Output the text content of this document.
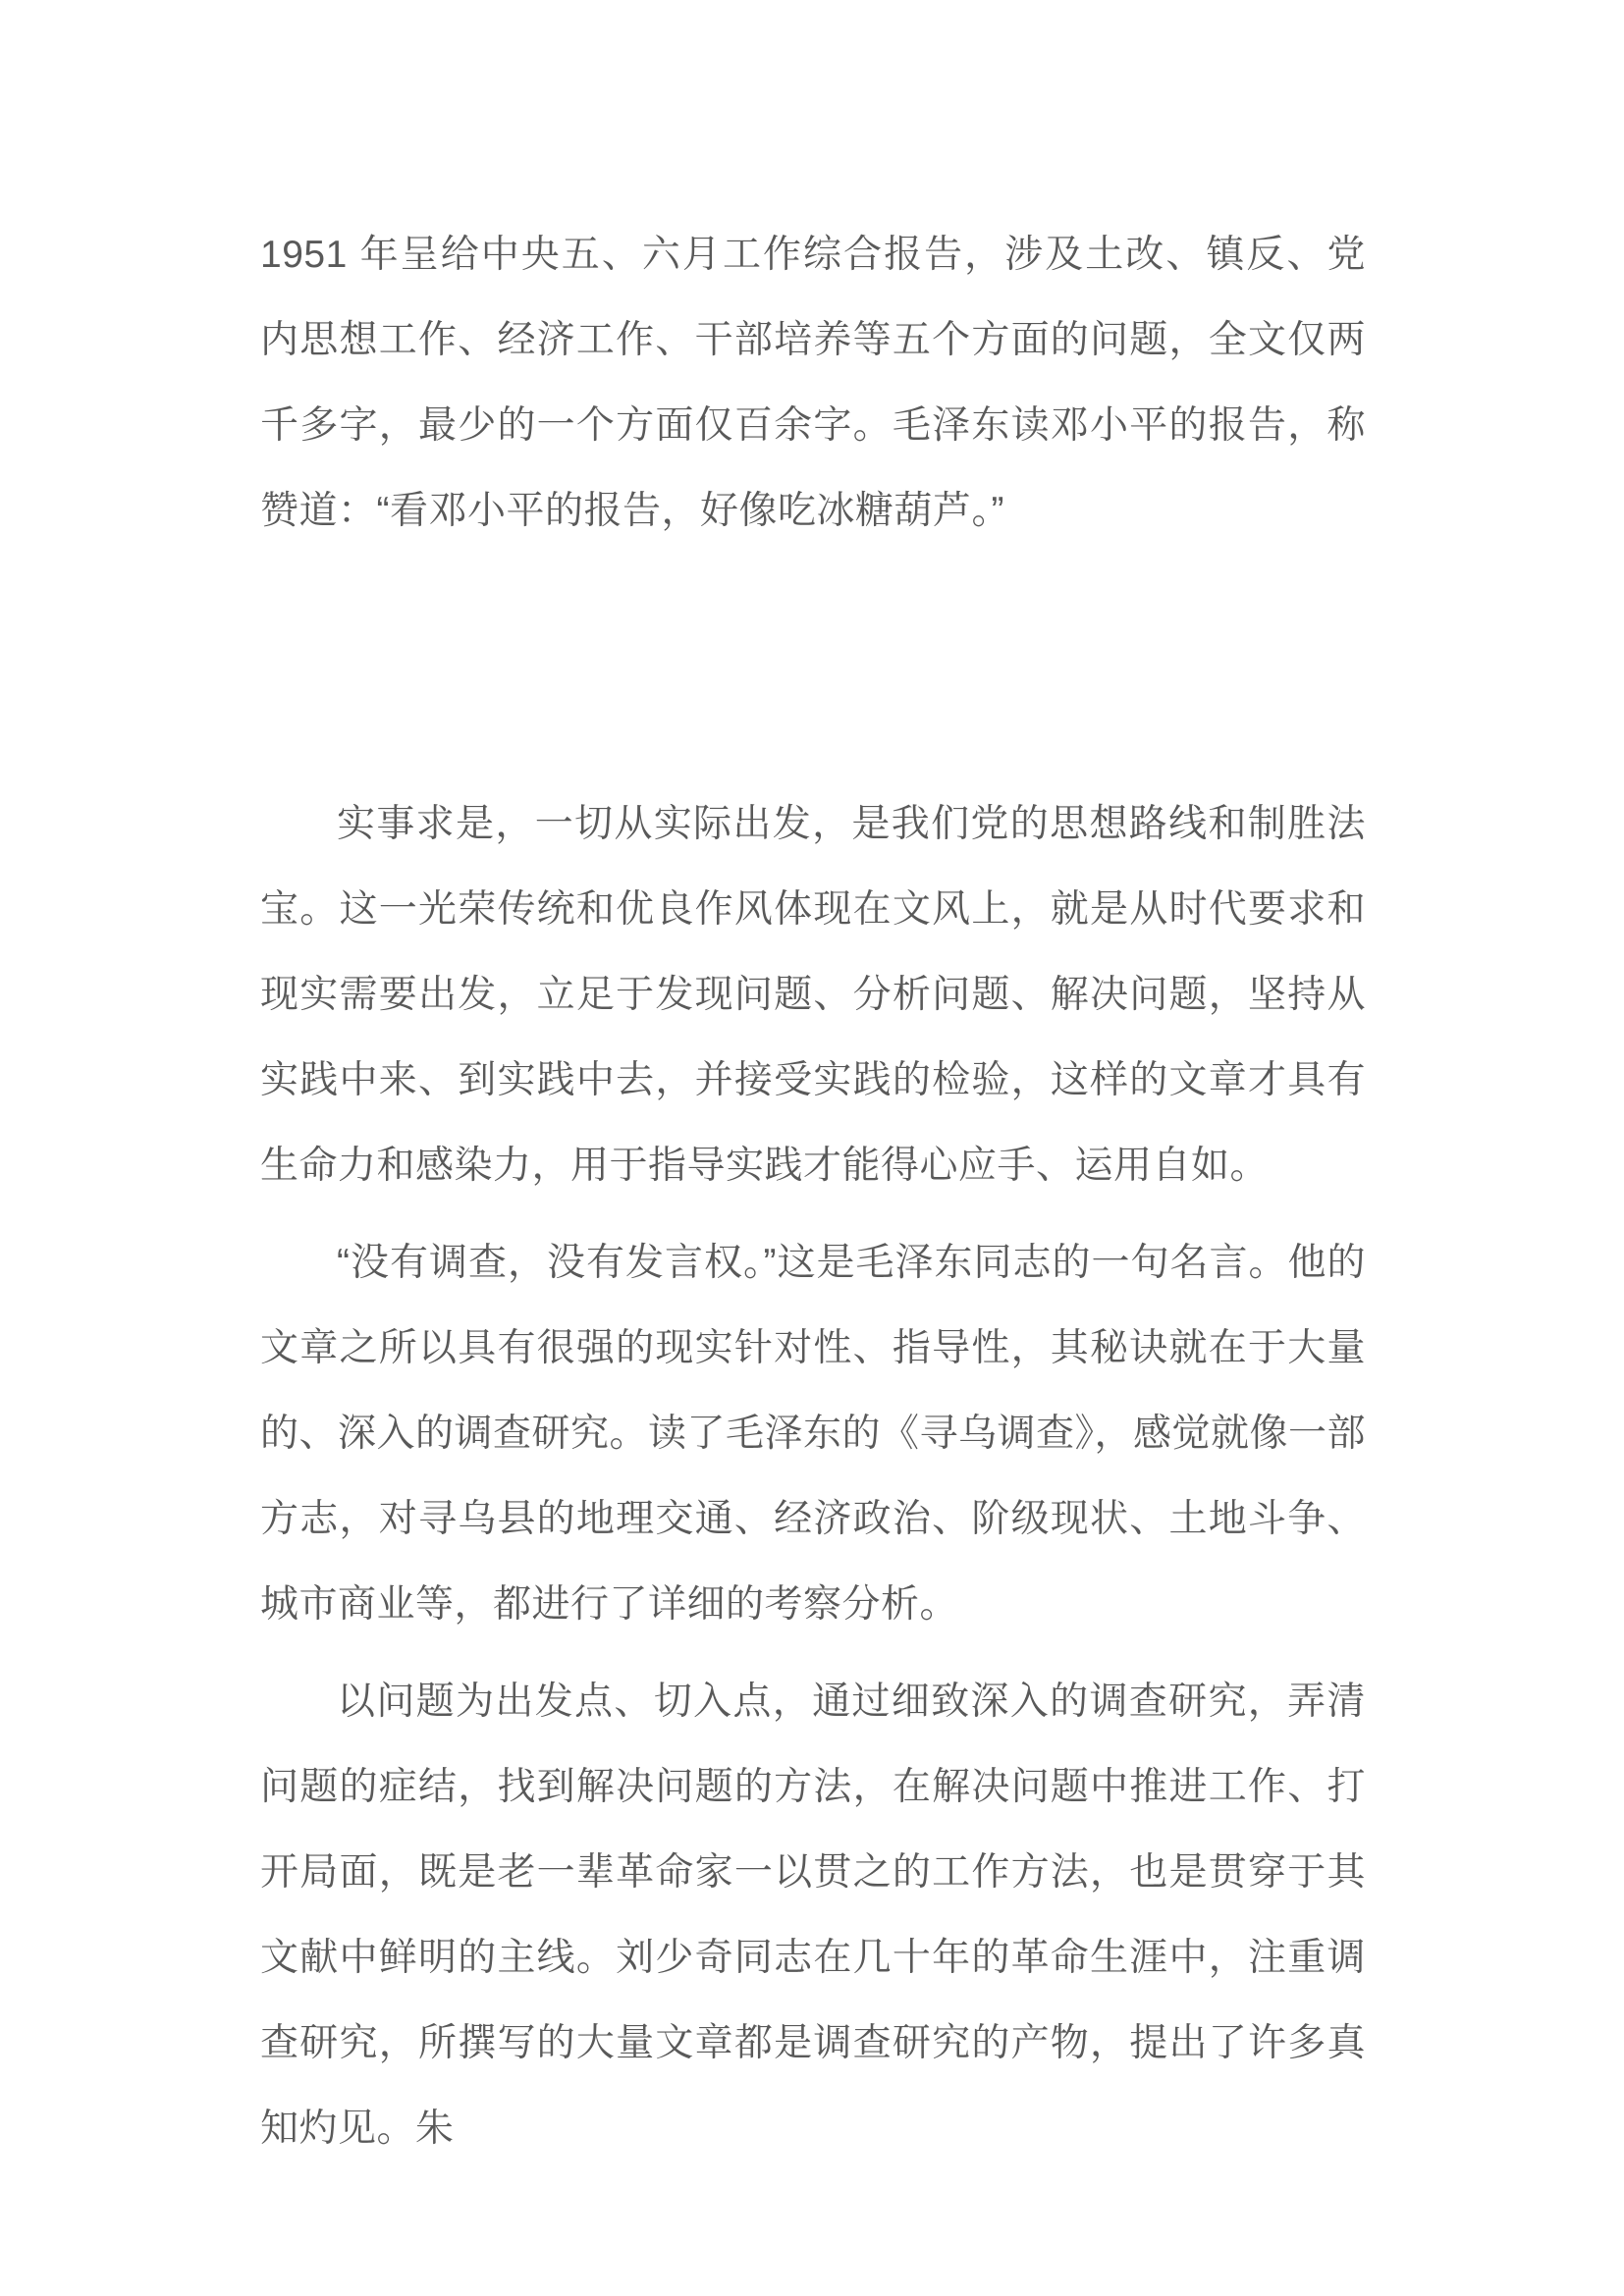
1951 年呈给中央五、六月工作综合报告，涉及土改、镇反、党内思想工作、经济工作、干部培养等五个方面的问题，全文仅两千多字，最少的一个方面仅百余字。毛泽东读邓小平的报告，称赞道：“看邓小平的报告，好像吃冰糖葫芦。”

实事求是，一切从实际出发，是我们党的思想路线和制胜法宝。这一光荣传统和优良作风体现在文风上，就是从时代要求和现实需要出发，立足于发现问题、分析问题、解决问题，坚持从实践中来、到实践中去，并接受实践的检验，这样的文章才具有生命力和感染力，用于指导实践才能得心应手、运用自如。

“没有调查，没有发言权。”这是毛泽东同志的一句名言。他的文章之所以具有很强的现实针对性、指导性，其秘诀就在于大量的、深入的调查研究。读了毛泽东的《寻乌调查》，感觉就像一部方志，对寻乌县的地理交通、经济政治、阶级现状、土地斗争、城市商业等，都进行了详细的考察分析。

以问题为出发点、切入点，通过细致深入的调查研究，弄清问题的症结，找到解决问题的方法，在解决问题中推进工作、打开局面，既是老一辈革命家一以贯之的工作方法，也是贯穿于其文献中鲜明的主线。刘少奇同志在几十年的革命生涯中，注重调查研究，所撰写的大量文章都是调查研究的产物，提出了许多真知灼见。朱
